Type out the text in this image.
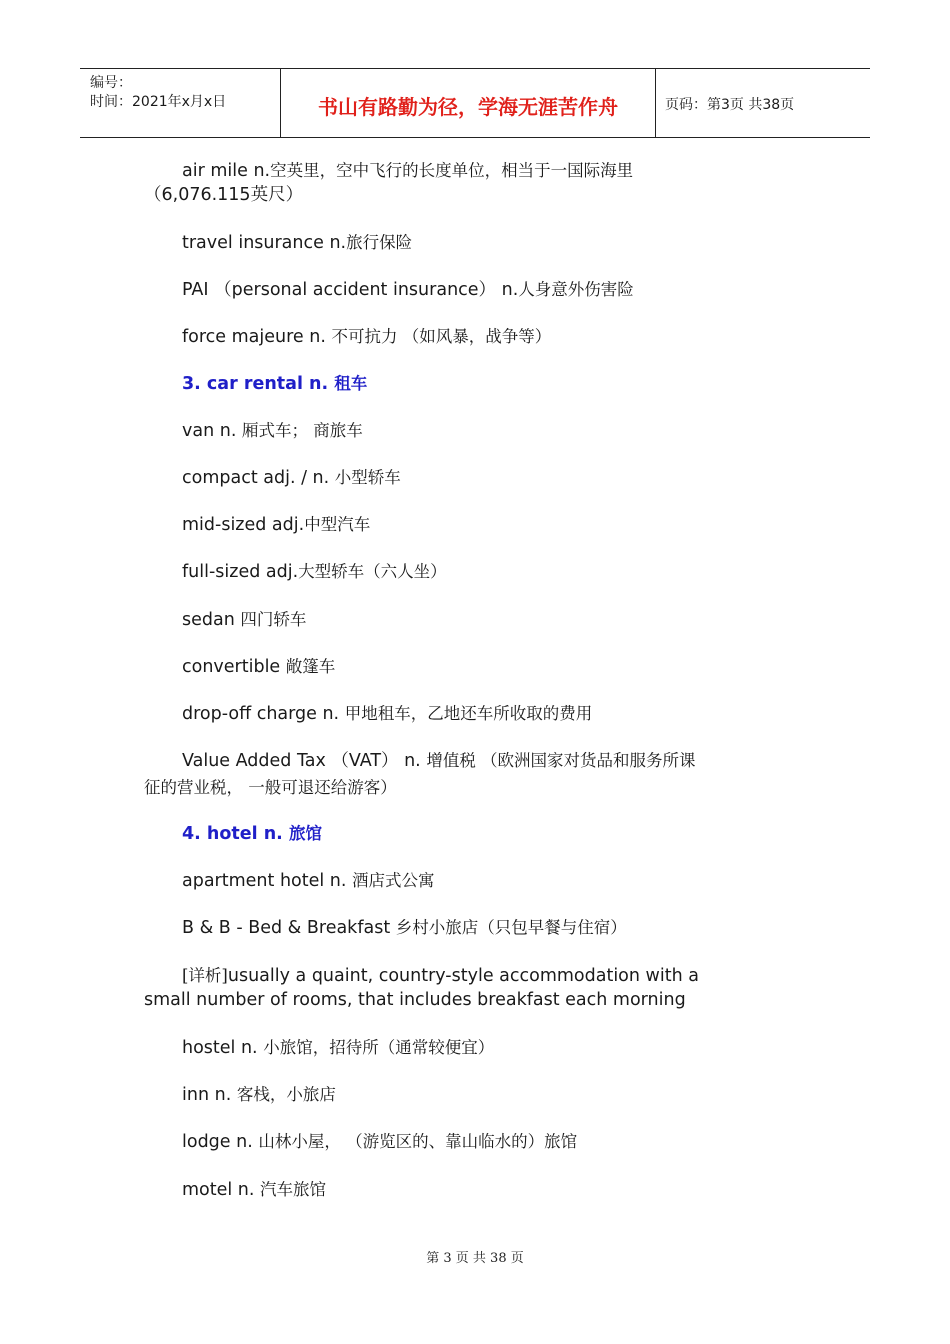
编号：
时间：2021年x月x日	书山有路勤为径，学海无涯苦作舟	页码：第3页 共38页
air mile n.空英里，空中飞行的长度单位，相当于一国际海里
（6,076.115英尺）
travel insurance n.旅行保险
PAI （personal accident insurance） n.人身意外伤害险
force majeure n. 不可抗力 （如风暴，战争等）
3. car rental n. 租车
van n. 厢式车； 商旅车
compact adj. / n. 小型轿车
mid-sized adj.中型汽车
full-sized adj.大型轿车（六人坐）
sedan 四门轿车
convertible 敞篷车
drop-off charge n. 甲地租车，乙地还车所收取的费用
Value Added Tax （VAT） n. 增值税 （欧洲国家对货品和服务所课
征的营业税， 一般可退还给游客）
4. hotel n. 旅馆
apartment hotel n. 酒店式公寓
B & B - Bed & Breakfast 乡村小旅店（只包早餐与住宿）
[详析]usually a quaint, country-style accommodation with a
small number of rooms, that includes breakfast each morning
hostel n. 小旅馆，招待所（通常较便宜）
inn n. 客栈，小旅店
lodge n. 山林小屋， （游览区的、靠山临水的）旅馆
motel n. 汽车旅馆
第 3 页 共 38 页
